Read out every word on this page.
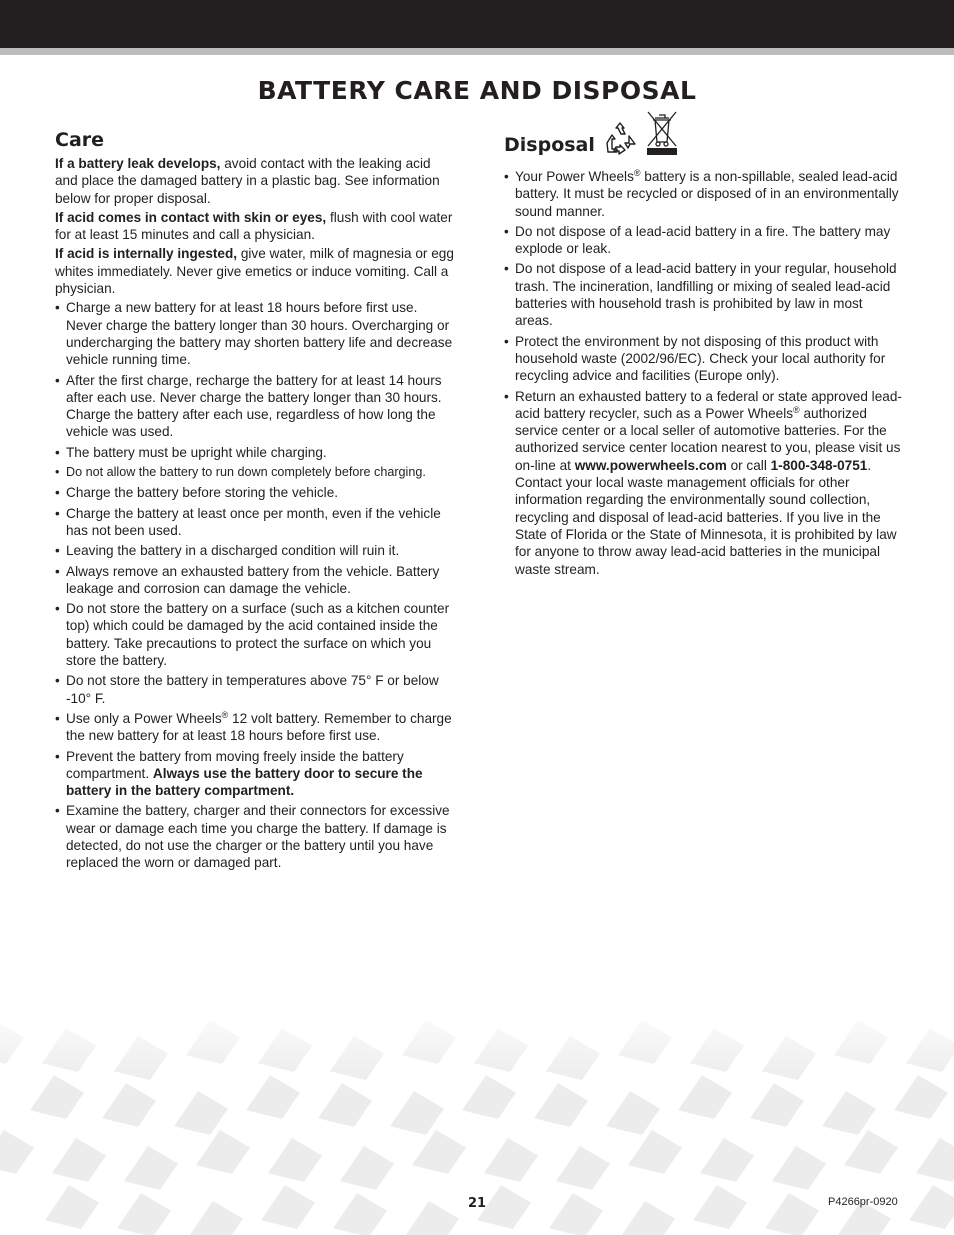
BATTERY CARE AND DISPOSAL
Care

If a battery leak develops, avoid contact with the leaking acid and place the damaged battery in a plastic bag. See information below for proper disposal.

If acid comes in contact with skin or eyes, flush with cool water for at least 15 minutes and call a physician.

If acid is internally ingested, give water, milk of magnesia or egg whites immediately. Never give emetics or induce vomiting. Call a physician.

• Charge a new battery for at least 18 hours before first use. Never charge the battery longer than 30 hours. Overcharging or undercharging the battery may shorten battery life and decrease vehicle running time.
• After the first charge, recharge the battery for at least 14 hours after each use. Never charge the battery longer than 30 hours. Charge the battery after each use, regardless of how long the vehicle was used.
• The battery must be upright while charging.
• Do not allow the battery to run down completely before charging.
• Charge the battery before storing the vehicle.
• Charge the battery at least once per month, even if the vehicle has not been used.
• Leaving the battery in a discharged condition will ruin it.
• Always remove an exhausted battery from the vehicle. Battery leakage and corrosion can damage the vehicle.
• Do not store the battery on a surface (such as a kitchen counter top) which could be damaged by the acid contained inside the battery. Take precautions to protect the surface on which you store the battery.
• Do not store the battery in temperatures above 75° F or below -10° F.
• Use only a Power Wheels® 12 volt battery. Remember to charge the new battery for at least 18 hours before first use.
• Prevent the battery from moving freely inside the battery compartment. Always use the battery door to secure the battery in the battery compartment.
• Examine the battery, charger and their connectors for excessive wear or damage each time you charge the battery. If damage is detected, do not use the charger or the battery until you have replaced the worn or damaged part.
Disposal
• Your Power Wheels® battery is a non-spillable, sealed lead-acid battery. It must be recycled or disposed of in an environmentally sound manner.
• Do not dispose of a lead-acid battery in a fire. The battery may explode or leak.
• Do not dispose of a lead-acid battery in your regular, household trash. The incineration, landfilling or mixing of sealed lead-acid batteries with household trash is prohibited by law in most areas.
• Protect the environment by not disposing of this product with household waste (2002/96/EC). Check your local authority for recycling advice and facilities (Europe only).
• Return an exhausted battery to a federal or state approved lead-acid battery recycler, such as a Power Wheels® authorized service center or a local seller of automotive batteries. For the authorized service center location nearest to you, please visit us on-line at www.powerwheels.com or call 1-800-348-0751. Contact your local waste management officials for other information regarding the environmentally sound collection, recycling and disposal of lead-acid batteries. If you live in the State of Florida or the State of Minnesota, it is prohibited by law for anyone to throw away lead-acid batteries in the municipal waste stream.
21	P4266pr-0920
